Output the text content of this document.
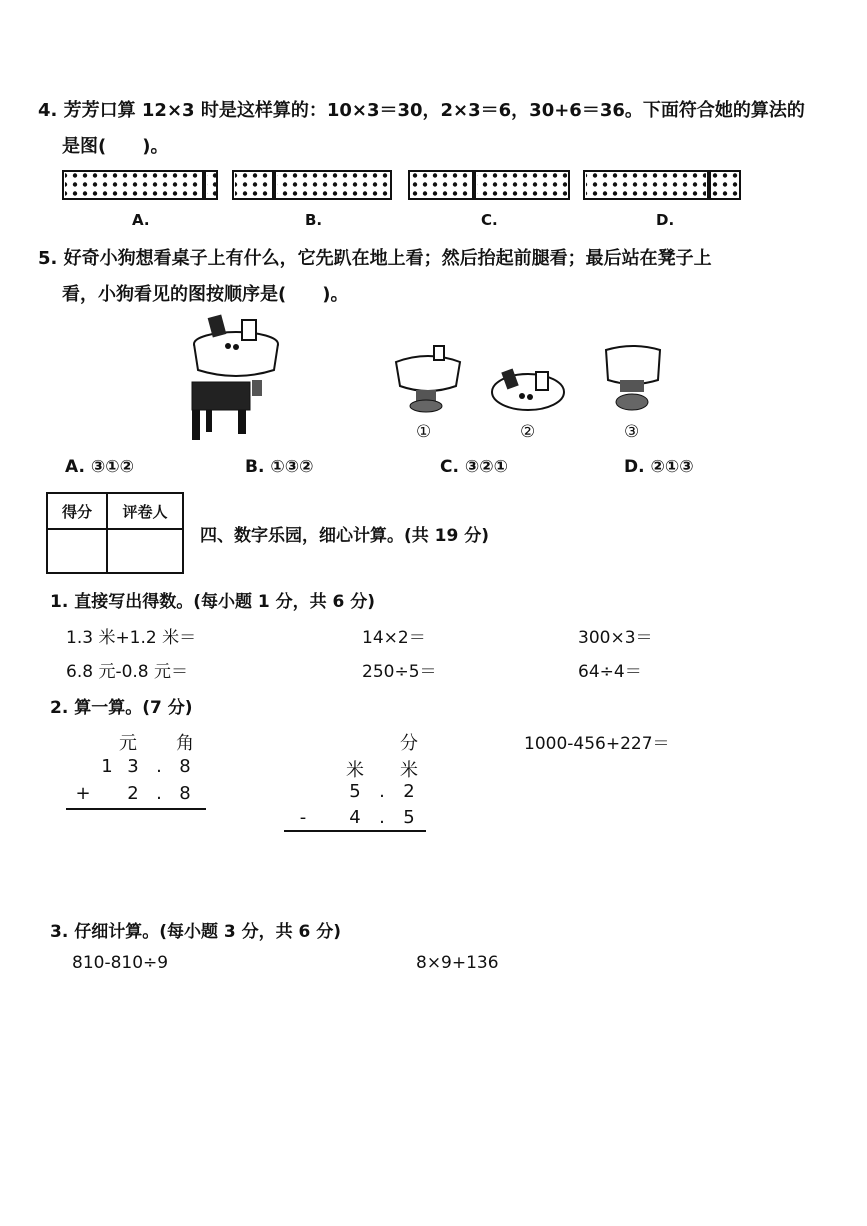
4. 芳芳口算 12×3 时是这样算的：10×3＝30，2×3＝6，30+6＝36。下面符合她的算法的
是图(　　)。
A.	B.	C.	D.
5. 好奇小狗想看桌子上有什么，它先趴在地上看；然后抬起前腿看；最后站在凳子上
看，小狗看见的图按顺序是(　　)。
①	②	③
A. ③①②	B. ①③②	C. ③②①	D. ②①③
得分	评卷人

四、数字乐园，细心计算。(共 19 分)
1. 直接写出得数。(每小题 1 分，共 6 分)
1.3 米+1.2 米＝	14×2＝	300×3＝
6.8 元-0.8 元＝	250÷5＝	64÷4＝
2. 算一算。(7 分)
元 角
1 3 . 8
+ 2 . 8
分
米 米
5	.	2
-	4	.	5
1000-456+227＝
3. 仔细计算。(每小题 3 分，共 6 分)
810-810÷9	8×9+136
